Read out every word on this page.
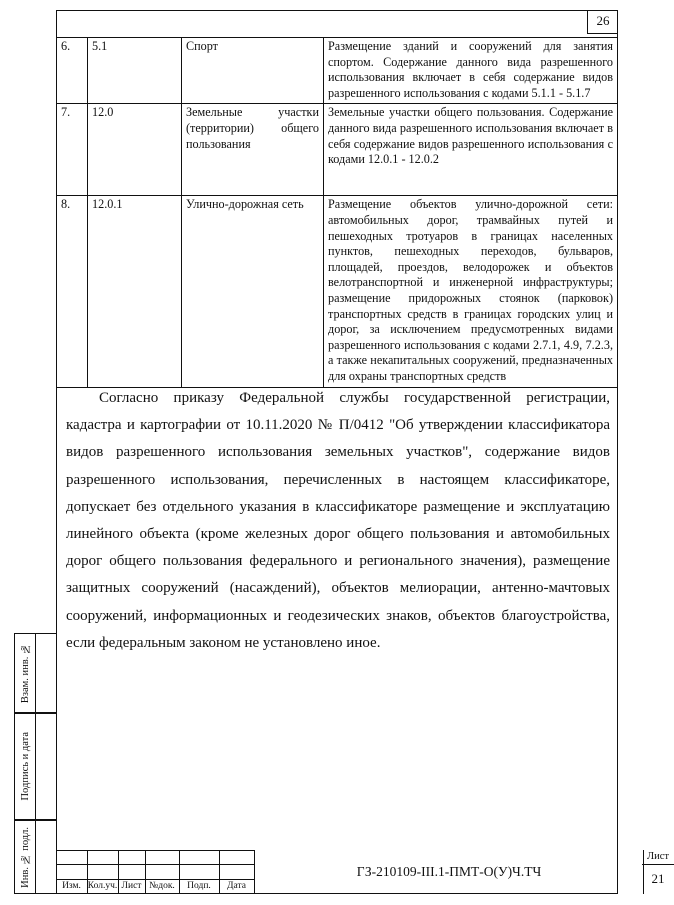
26
6.	5.1	Спорт	Размещение зданий и сооружений для занятия спортом. Содержание данного вида разрешенного использования включает в себя содержание видов разрешенного использования с кодами 5.1.1 - 5.1.7
7.	12.0	Земельные участки (территории) общего пользования	Земельные участки общего пользования. Содержание данного вида разрешенного использования включает в себя содержание видов разрешенного использования с кодами 12.0.1 - 12.0.2
8.	12.0.1	Улично-дорожная сеть	Размещение объектов улично-дорожной сети: автомобильных дорог, трамвайных путей и пешеходных тротуаров в границах населенных пунктов, пешеходных переходов, бульваров, площадей, проездов, велодорожек и объектов велотранспортной и инженерной инфраструктуры; размещение придорожных стоянок (парковок) транспортных средств в границах городских улиц и дорог, за исключением предусмотренных видами разрешенного использования с кодами 2.7.1, 4.9, 7.2.3, а также некапитальных сооружений, предназначенных для охраны транспортных средств

Согласно приказу Федеральной службы государственной регистрации, кадастра и картографии от 10.11.2020 № П/0412 "Об утверждении классификатора видов разрешенного использования земельных участков", содержание видов разрешенного использования, перечисленных в настоящем классификаторе, допускает без отдельного указания в классификаторе размещение и эксплуатацию линейного объекта (кроме железных дорог общего пользования и автомобильных дорог общего пользования федерального и регионального значения), размещение защитных сооружений (насаждений), объектов мелиорации, антенно-мачтовых сооружений, информационных и геодезических знаков, объектов благоустройства, если федеральным законом не установлено иное.

Взам. инв. №
Подпись и дата
Инв. № подл.	Изм. Кол.уч. Лист №док.	Подп.	Дата
ГЗ-210109-III.1-ПМТ-О(У)Ч.ТЧ
Лист
21
